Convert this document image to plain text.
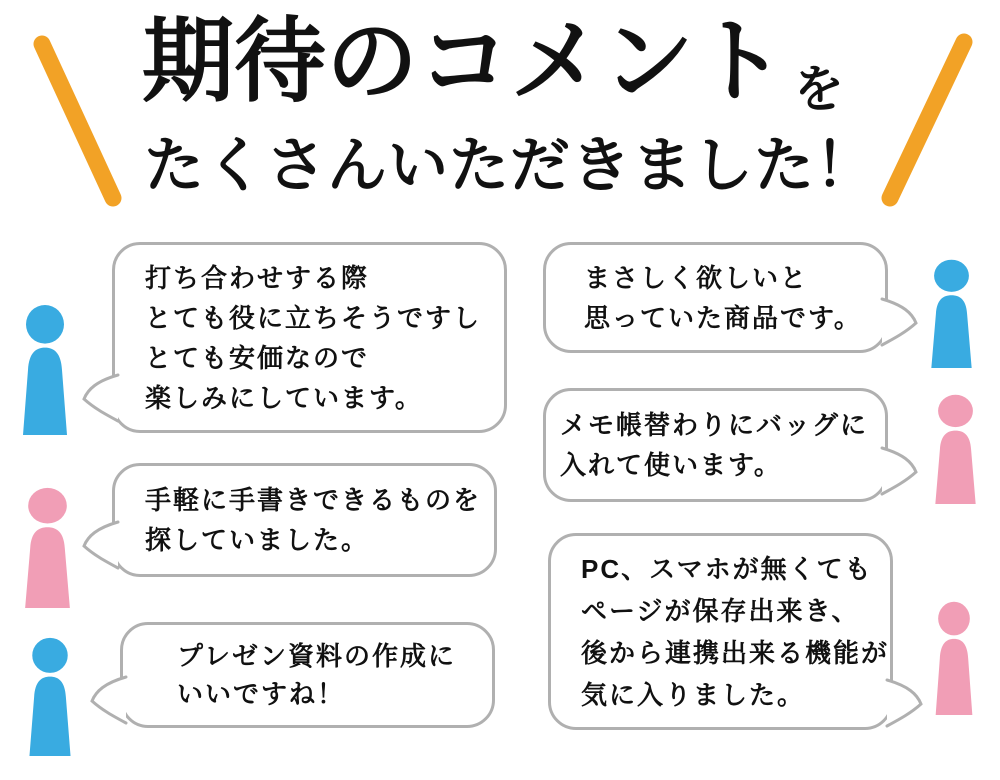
期待のコメント を
たくさんいただきました！
打ち合わせする際
とても役に立ちそうですし
とても安価なので
楽しみにしています。
手軽に手書きできるものを
探していました。
プレゼン資料の作成に
いいですね！
まさしく欲しいと
思っていた商品です。
メモ帳替わりにバッグに
入れて使います。
PC、スマホが無くても
ページが保存出来き、
後から連携出来る機能が
気に入りました。
